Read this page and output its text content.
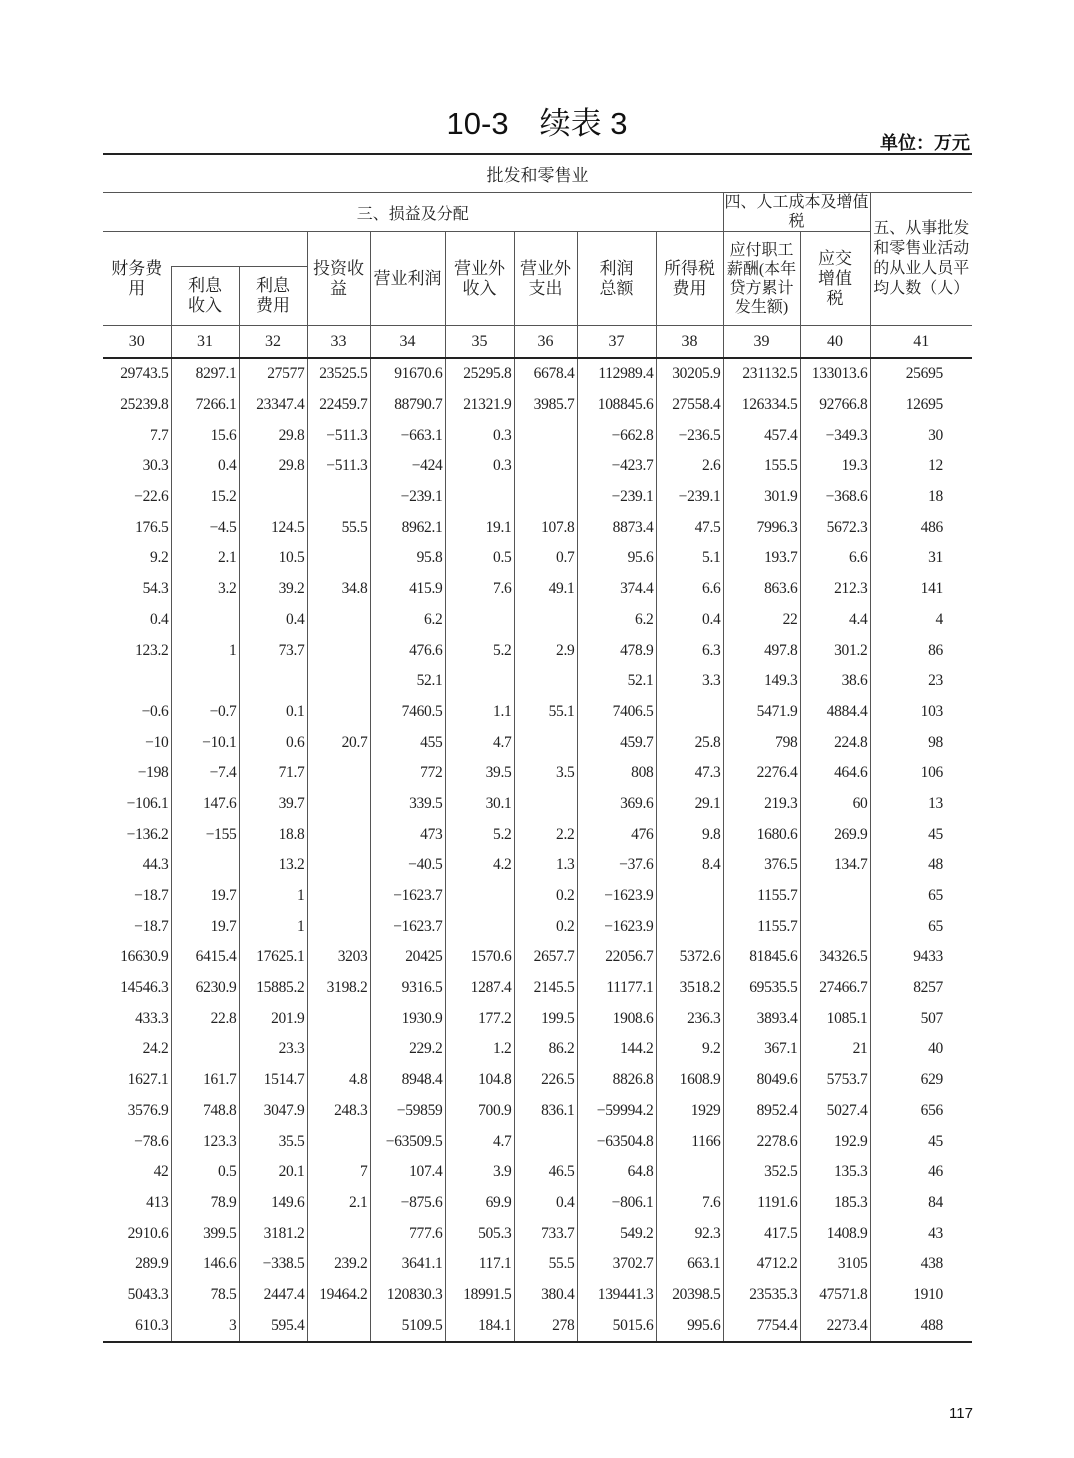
10-3　续表 3
单位：万元
批发和零售业											
三、损益及分配									四、人工成本及增值税		五、从事批发和零售业活动的从业人员平均人数（人）
财务费用			投资收益	营业利润	营业外收入	营业外支出	利润总额	所得税费用	应付职工薪酬(本年贷方累计发生额)	应交增值税	
	利息收入	利息费用									
30	31	32	33	34	35	36	37	38	39	40	41
29743.5	8297.1	27577	23525.5	91670.6	25295.8	6678.4	112989.4	30205.9	231132.5	133013.6	25695
25239.8	7266.1	23347.4	22459.7	88790.7	21321.9	3985.7	108845.6	27558.4	126334.5	92766.8	12695
7.7	15.6	29.8	−511.3	−663.1	0.3		−662.8	−236.5	457.4	−349.3	30
30.3	0.4	29.8	−511.3	−424	0.3		−423.7	2.6	155.5	19.3	12
−22.6	15.2			−239.1			−239.1	−239.1	301.9	−368.6	18
176.5	−4.5	124.5	55.5	8962.1	19.1	107.8	8873.4	47.5	7996.3	5672.3	486
9.2	2.1	10.5		95.8	0.5	0.7	95.6	5.1	193.7	6.6	31
54.3	3.2	39.2	34.8	415.9	7.6	49.1	374.4	6.6	863.6	212.3	141
0.4		0.4		6.2			6.2	0.4	22	4.4	4
123.2	1	73.7		476.6	5.2	2.9	478.9	6.3	497.8	301.2	86
				52.1			52.1	3.3	149.3	38.6	23
−0.6	−0.7	0.1		7460.5	1.1	55.1	7406.5		5471.9	4884.4	103
−10	−10.1	0.6	20.7	455	4.7		459.7	25.8	798	224.8	98
−198	−7.4	71.7		772	39.5	3.5	808	47.3	2276.4	464.6	106
−106.1	147.6	39.7		339.5	30.1		369.6	29.1	219.3	60	13
−136.2	−155	18.8		473	5.2	2.2	476	9.8	1680.6	269.9	45
44.3		13.2		−40.5	4.2	1.3	−37.6	8.4	376.5	134.7	48
−18.7	19.7	1		−1623.7		0.2	−1623.9		1155.7		65
−18.7	19.7	1		−1623.7		0.2	−1623.9		1155.7		65
16630.9	6415.4	17625.1	3203	20425	1570.6	2657.7	22056.7	5372.6	81845.6	34326.5	9433
14546.3	6230.9	15885.2	3198.2	9316.5	1287.4	2145.5	11177.1	3518.2	69535.5	27466.7	8257
433.3	22.8	201.9		1930.9	177.2	199.5	1908.6	236.3	3893.4	1085.1	507
24.2		23.3		229.2	1.2	86.2	144.2	9.2	367.1	21	40
1627.1	161.7	1514.7	4.8	8948.4	104.8	226.5	8826.8	1608.9	8049.6	5753.7	629
3576.9	748.8	3047.9	248.3	−59859	700.9	836.1	−59994.2	1929	8952.4	5027.4	656
−78.6	123.3	35.5		−63509.5	4.7		−63504.8	1166	2278.6	192.9	45
42	0.5	20.1	7	107.4	3.9	46.5	64.8		352.5	135.3	46
413	78.9	149.6	2.1	−875.6	69.9	0.4	−806.1	7.6	1191.6	185.3	84
2910.6	399.5	3181.2		777.6	505.3	733.7	549.2	92.3	417.5	1408.9	43
289.9	146.6	−338.5	239.2	3641.1	117.1	55.5	3702.7	663.1	4712.2	3105	438
5043.3	78.5	2447.4	19464.2	120830.3	18991.5	380.4	139441.3	20398.5	23535.3	47571.8	1910
610.3	3	595.4		5109.5	184.1	278	5015.6	995.6	7754.4	2273.4	488
117
